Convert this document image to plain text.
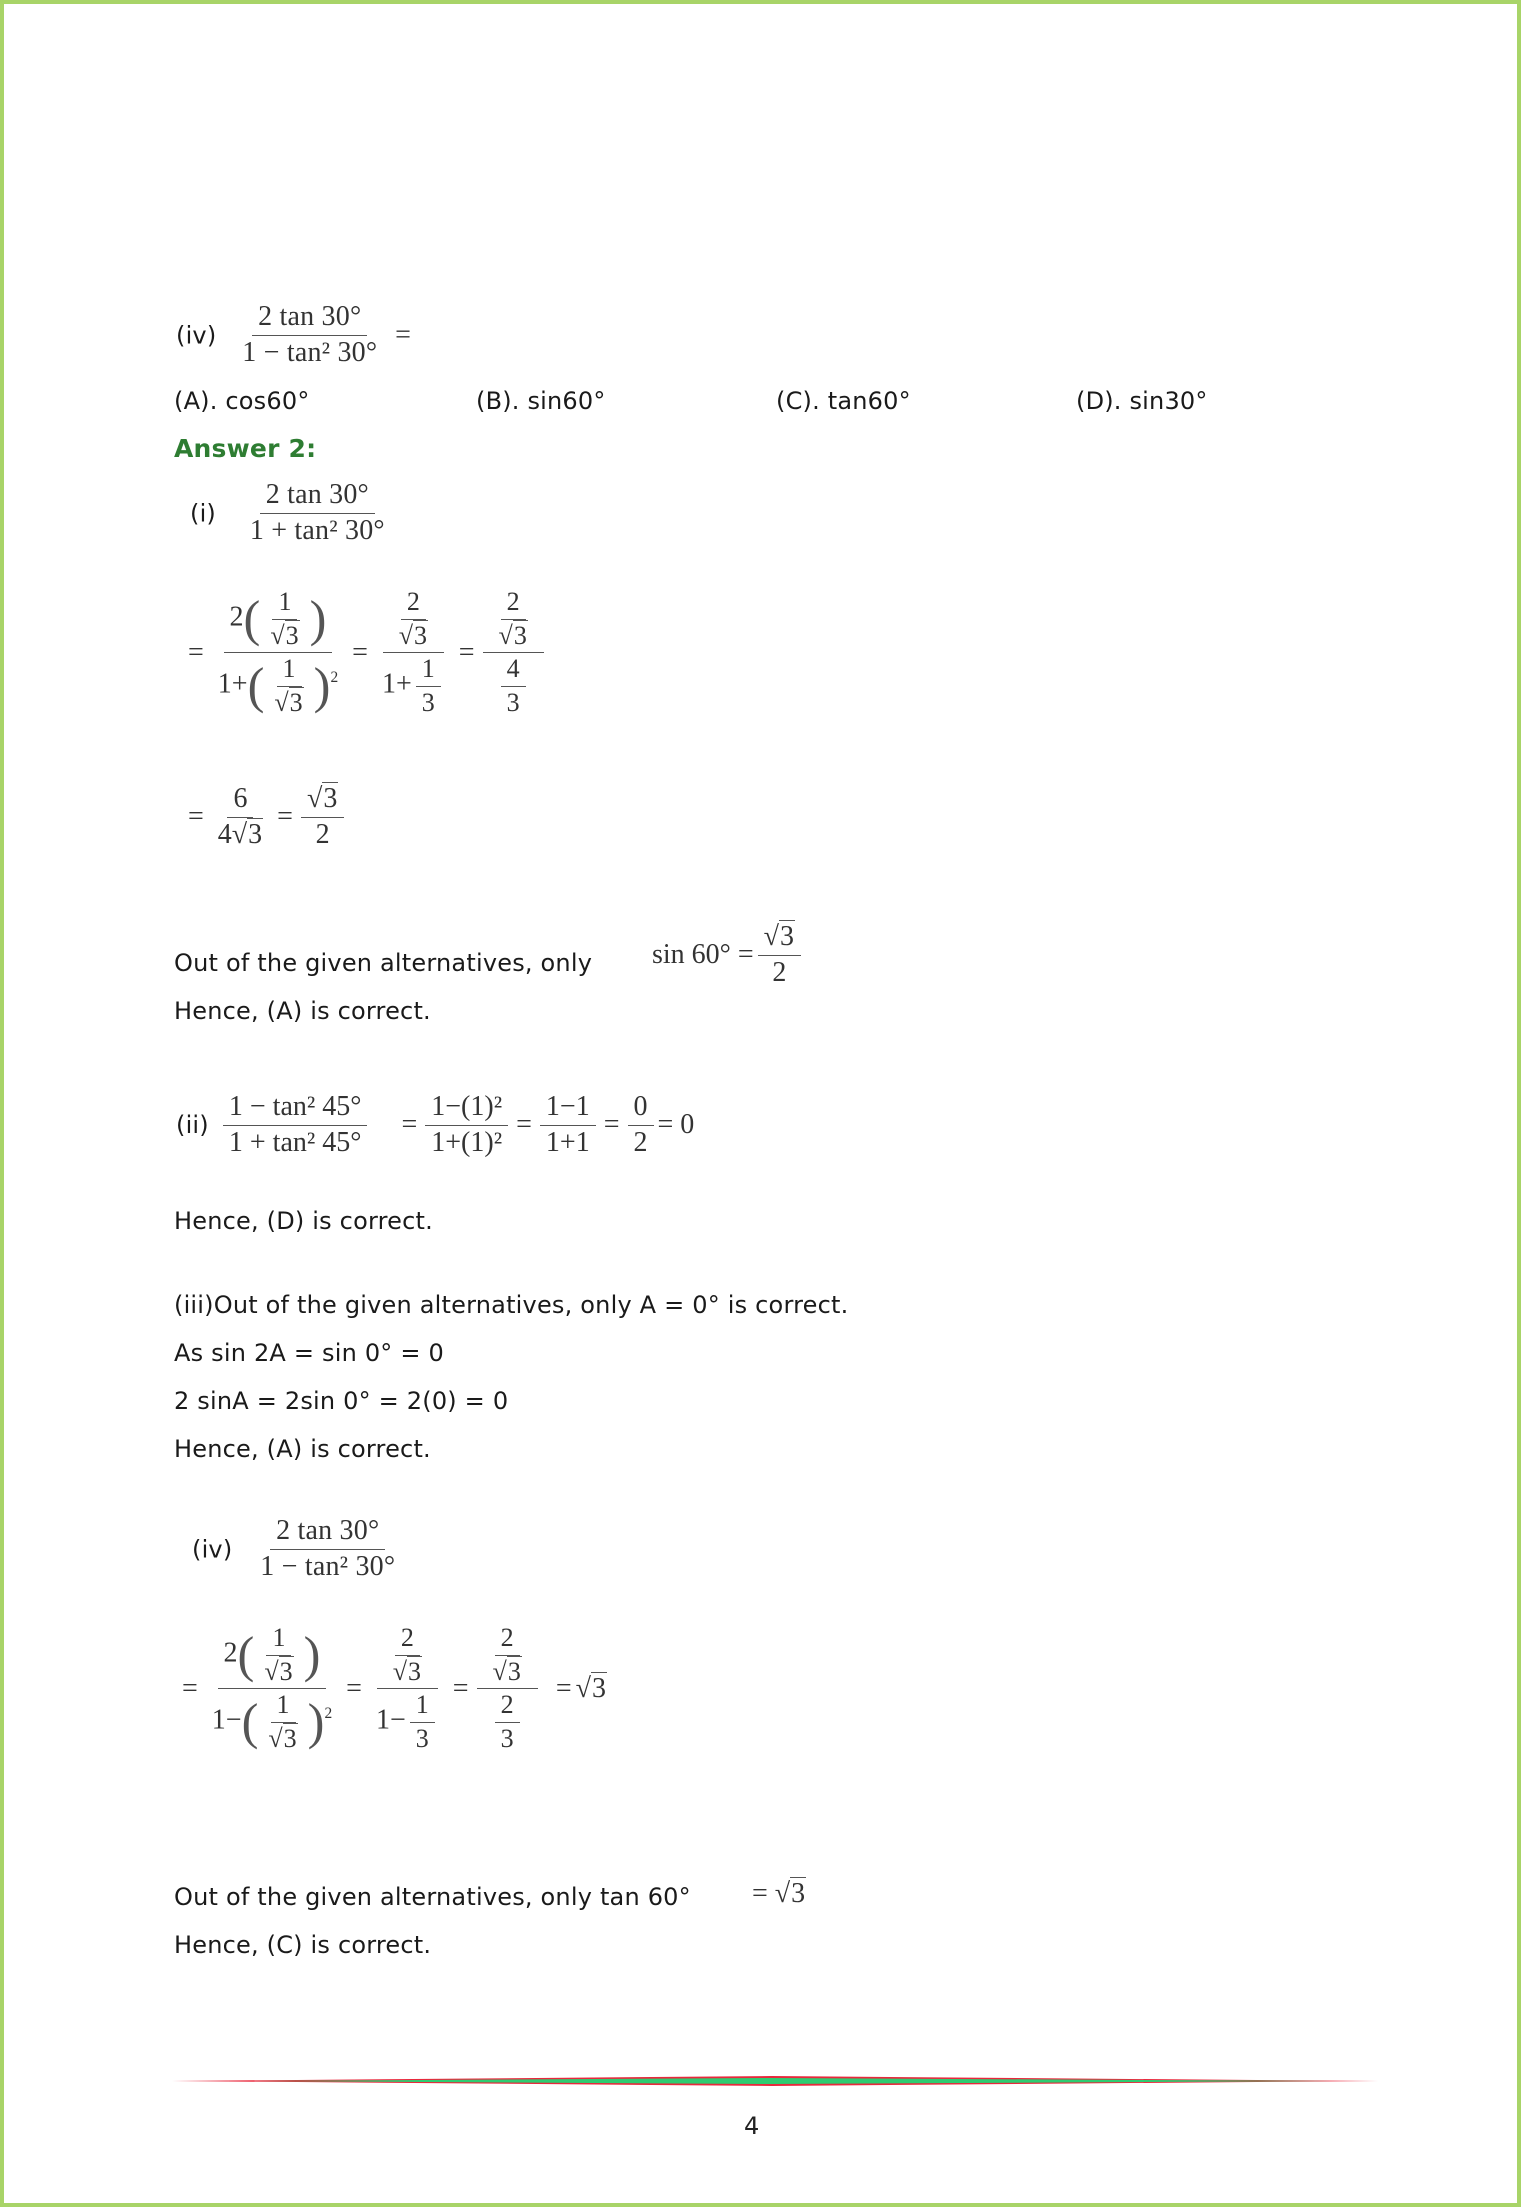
$(iv) \frac{2 \tan 30^\circ}{\text{1 − tan² 30°}}$ =
(A). cos60°	(B). sin60°	(C). tan60°	(D). sin30°
Answer 2:
$(i) \frac{2 \tan 30^\circ}{\text{1 + tan² 30°}}$
= $\frac{2( \frac{1}{√3} )}{1+( \frac{1}{√3} )^2} = \frac{\frac{2}{√3}}{1+ \frac{1}{3}} = \frac{\frac{2}{√3}}{\frac{4}{3}}$
= $\frac{6}{4√3} = \frac{√3}{2}$
Out of the given alternatives, only $\sin 60^\circ = \frac{√3}{2}$
Hence, (A) is correct.
$(ii) \frac{\text{1 − tan² 45°}}{\text{1 + tan² 45°}} = \frac{\text{1−(1)²}}{\text{1+(1)²}} = \frac{1-1}{1+1} = \frac{0}{2} = 0$
Hence, (D) is correct.
(iii)Out of the given alternatives, only A = 0° is correct.
As sin 2A = sin 0° = 0
2 sinA = 2sin 0° = 2(0) = 0
Hence, (A) is correct.
$(iv) \frac{2 \tan 30^\circ}{\text{1 − tan² 30°}}$
= $\frac{2( \frac{1}{√3} )}{1-( \frac{1}{√3} )^2} = \frac{\frac{2}{√3}}{1- \frac{1}{3}} = \frac{\frac{2}{√3}}{\frac{2}{3}} = √3$
Out of the given alternatives, only tan 60° = √3
Hence, (C) is correct.
4
